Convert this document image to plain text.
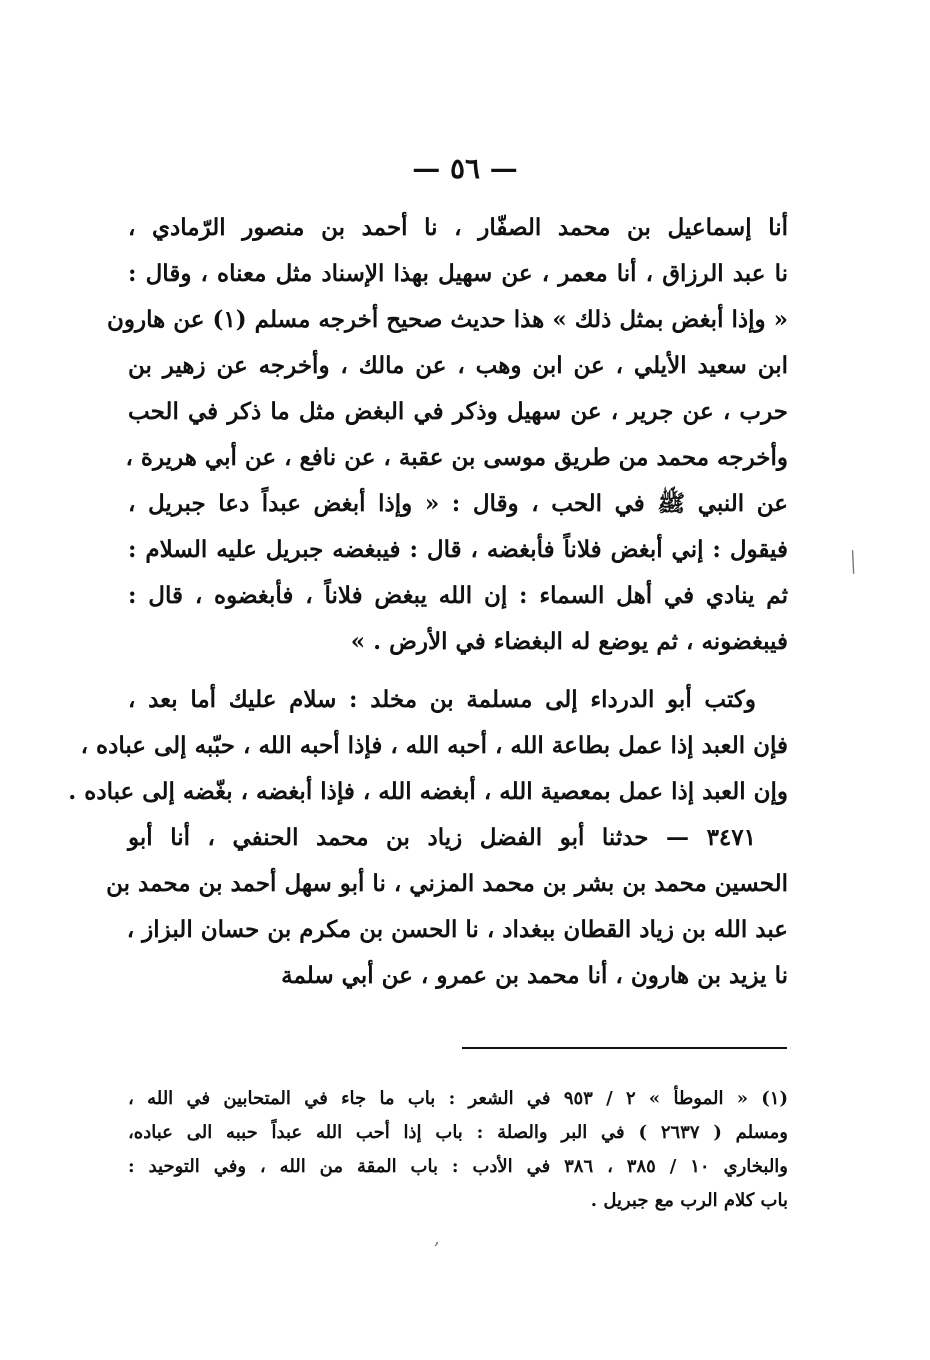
— ٥٦ —
أنا إسماعيل بن محمد الصفّار ، نا أحمد بن منصور الرّمادي ،
نا عبد الرزاق ، أنا معمر ، عن سهيل بهذا الإسناد مثل معناه ، وقال :
« وإذا أبغض بمثل ذلك » هذا حديث صحيح أخرجه مسلم (١) عن هارون
ابن سعيد الأيلي ، عن ابن وهب ، عن مالك ، وأخرجه عن زهير بن
حرب ، عن جرير ، عن سهيل وذكر في البغض مثل ما ذكر في الحب
وأخرجه محمد من طريق موسى بن عقبة ، عن نافع ، عن أبي هريرة ،
عن النبي ﷺ في الحب ، وقال : « وإذا أبغض عبداً دعا جبريل ،
فيقول : إني أبغض فلاناً فأبغضه ، قال : فيبغضه جبريل عليه السلام :
ثم ينادي في أهل السماء : إن الله يبغض فلاناً ، فأبغضوه ، قال :
فيبغضونه ، ثم يوضع له البغضاء في الأرض . »
وكتب أبو الدرداء إلى مسلمة بن مخلد : سلام عليك أما بعد ،
فإن العبد إذا عمل بطاعة الله ، أحبه الله ، فإذا أحبه الله ، حبّبه إلى عباده ،
وإن العبد إذا عمل بمعصية الله ، أبغضه الله ، فإذا أبغضه ، بغّضه إلى عباده .
٣٤٧١ — حدثنا أبو الفضل زياد بن محمد الحنفي ، أنا أبو
الحسين محمد بن بشر بن محمد المزني ، نا أبو سهل أحمد بن محمد بن
عبد الله بن زياد القطان ببغداد ، نا الحسن بن مكرم بن حسان البزاز ،
نا يزيد بن هارون ، أنا محمد بن عمرو ، عن أبي سلمة
(١) « الموطأ » ٢ / ٩٥٣ في الشعر : باب ما جاء في المتحابين في الله ،
ومسلم ( ٢٦٣٧ ) في البر والصلة : باب إذا أحب الله عبداً حببه الى عباده،
والبخاري ١٠ / ٣٨٥ ، ٣٨٦ في الأدب : باب المقة من الله ، وفي التوحيد :
باب كلام الرب مع جبريل .
╱
,
